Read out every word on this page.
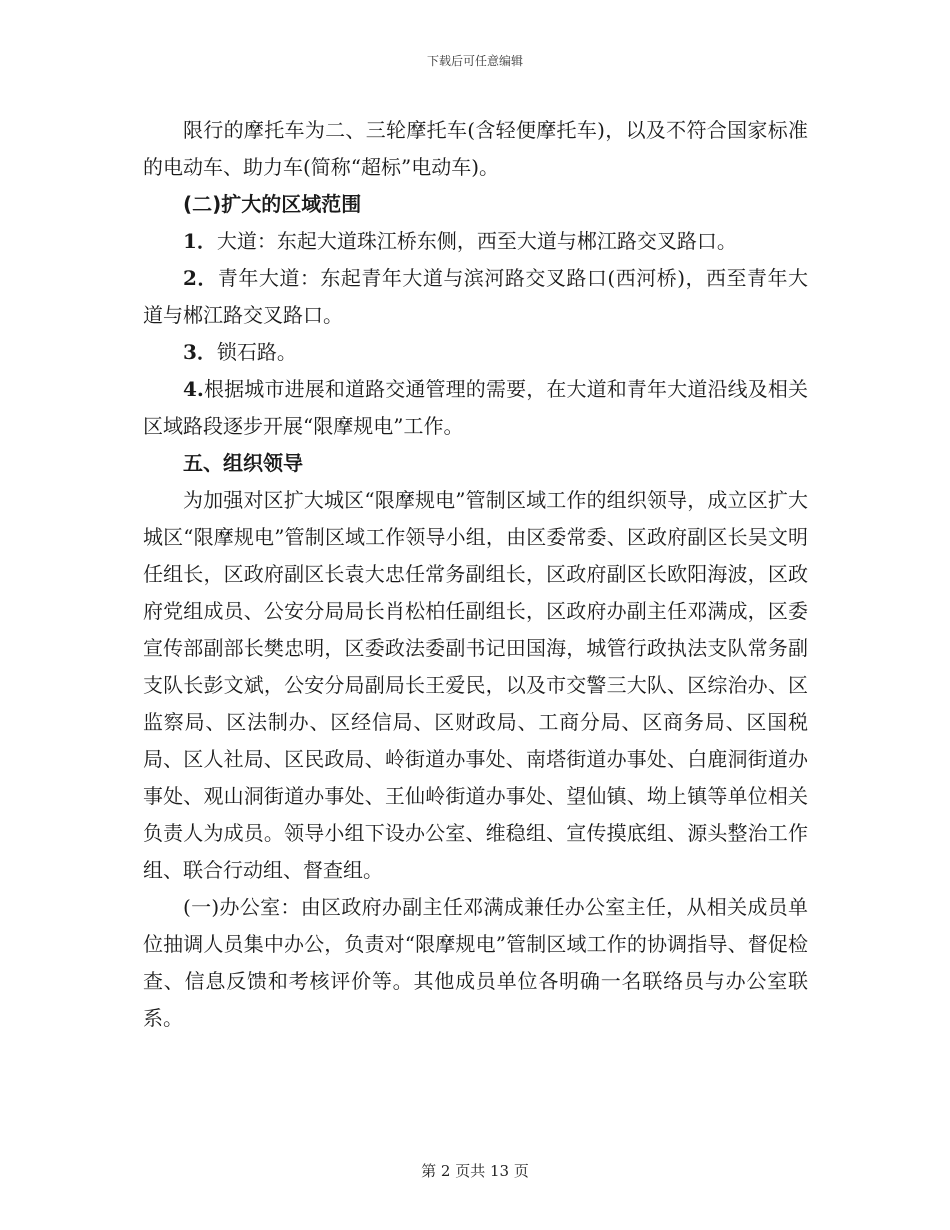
下载后可任意编辑

限行的摩托车为二、三轮摩托车(含轻便摩托车)，以及不符合国家标准的电动车、助力车(简称“超标”电动车)。

(二)扩大的区域范围

1．大道：东起大道珠江桥东侧，西至大道与郴江路交叉路口。

2．青年大道：东起青年大道与滨河路交叉路口(西河桥)，西至青年大道与郴江路交叉路口。

3．锁石路。

4.根据城市进展和道路交通管理的需要，在大道和青年大道沿线及相关区域路段逐步开展“限摩规电”工作。

五、组织领导

为加强对区扩大城区“限摩规电”管制区域工作的组织领导，成立区扩大城区“限摩规电”管制区域工作领导小组，由区委常委、区政府副区长吴文明任组长，区政府副区长袁大忠任常务副组长，区政府副区长欧阳海波，区政府党组成员、公安分局局长肖松柏任副组长，区政府办副主任邓满成，区委宣传部副部长樊忠明，区委政法委副书记田国海，城管行政执法支队常务副支队长彭文斌，公安分局副局长王爱民，以及市交警三大队、区综治办、区监察局、区法制办、区经信局、区财政局、工商分局、区商务局、区国税局、区人社局、区民政局、岭街道办事处、南塔街道办事处、白鹿洞街道办事处、观山洞街道办事处、王仙岭街道办事处、望仙镇、坳上镇等单位相关负责人为成员。领导小组下设办公室、维稳组、宣传摸底组、源头整治工作组、联合行动组、督查组。

(一)办公室：由区政府办副主任邓满成兼任办公室主任，从相关成员单位抽调人员集中办公，负责对“限摩规电”管制区域工作的协调指导、督促检查、信息反馈和考核评价等。其他成员单位各明确一名联络员与办公室联系。

第 2 页共 13 页
